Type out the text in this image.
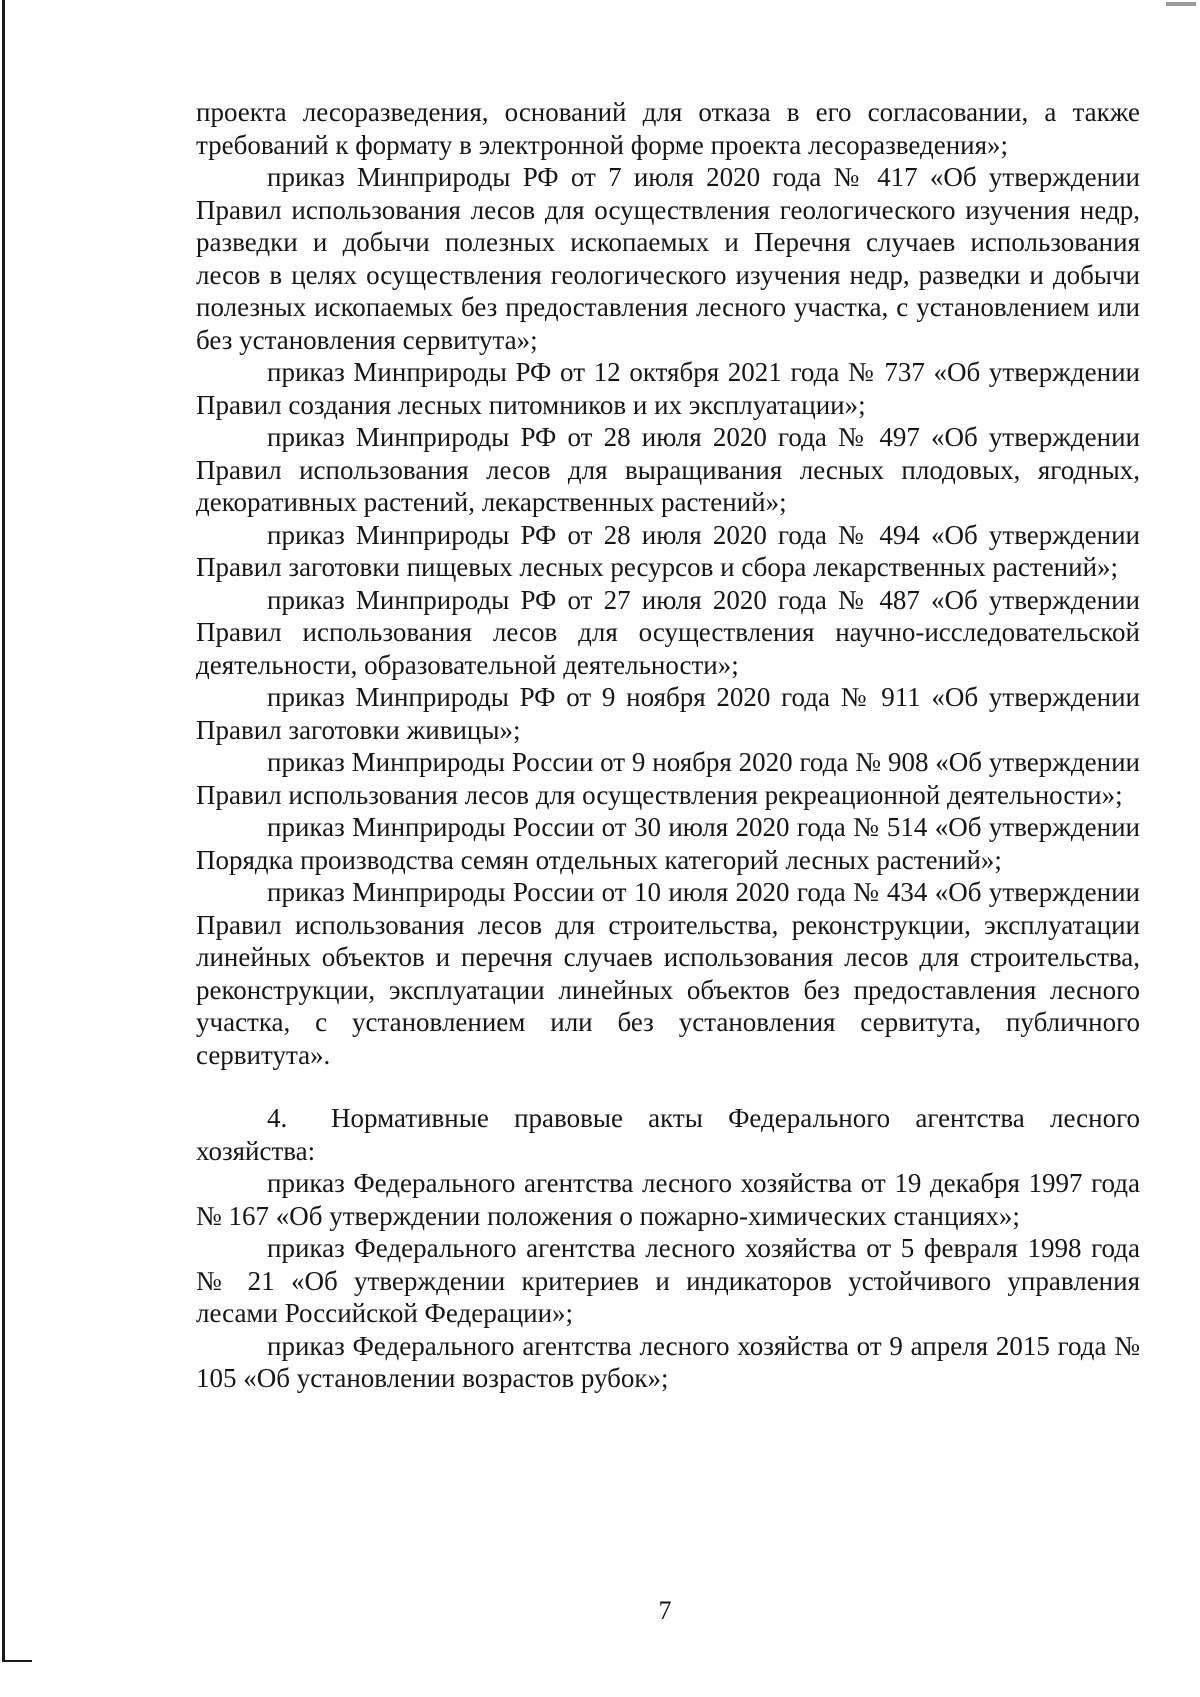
проекта лесоразведения, оснований для отказа в его согласовании, а также требований к формату в электронной форме проекта лесоразведения»;

приказ Минприроды РФ от 7 июля 2020 года № 417 «Об утверждении Правил использования лесов для осуществления геологического изучения недр, разведки и добычи полезных ископаемых и Перечня случаев использования лесов в целях осуществления геологического изучения недр, разведки и добычи полезных ископаемых без предоставления лесного участка, с установлением или без установления сервитута»;

приказ Минприроды РФ от 12 октября 2021 года № 737 «Об утверждении Правил создания лесных питомников и их эксплуатации»;

приказ Минприроды РФ от 28 июля 2020 года № 497 «Об утверждении Правил использования лесов для выращивания лесных плодовых, ягодных, декоративных растений, лекарственных растений»;

приказ Минприроды РФ от 28 июля 2020 года № 494 «Об утверждении Правил заготовки пищевых лесных ресурсов и сбора лекарственных растений»;

приказ Минприроды РФ от 27 июля 2020 года № 487 «Об утверждении Правил использования лесов для осуществления научно-исследовательской деятельности, образовательной деятельности»;

приказ Минприроды РФ от 9 ноября 2020 года № 911 «Об утверждении Правил заготовки живицы»;

приказ Минприроды России от 9 ноября 2020 года № 908 «Об утверждении Правил использования лесов для осуществления рекреационной деятельности»;

приказ Минприроды России от 30 июля 2020 года № 514 «Об утверждении Порядка производства семян отдельных категорий лесных растений»;

приказ Минприроды России от 10 июля 2020 года № 434 «Об утверждении Правил использования лесов для строительства, реконструкции, эксплуатации линейных объектов и перечня случаев использования лесов для строительства, реконструкции, эксплуатации линейных объектов без предоставления лесного участка, с установлением или без установления сервитута, публичного сервитута».

4. Нормативные правовые акты Федерального агентства лесного хозяйства:

приказ Федерального агентства лесного хозяйства от 19 декабря 1997 года № 167 «Об утверждении положения о пожарно-химических станциях»;

приказ Федерального агентства лесного хозяйства от 5 февраля 1998 года № 21 «Об утверждении критериев и индикаторов устойчивого управления лесами Российской Федерации»;

приказ Федерального агентства лесного хозяйства от 9 апреля 2015 года № 105 «Об установлении возрастов рубок»;

7
